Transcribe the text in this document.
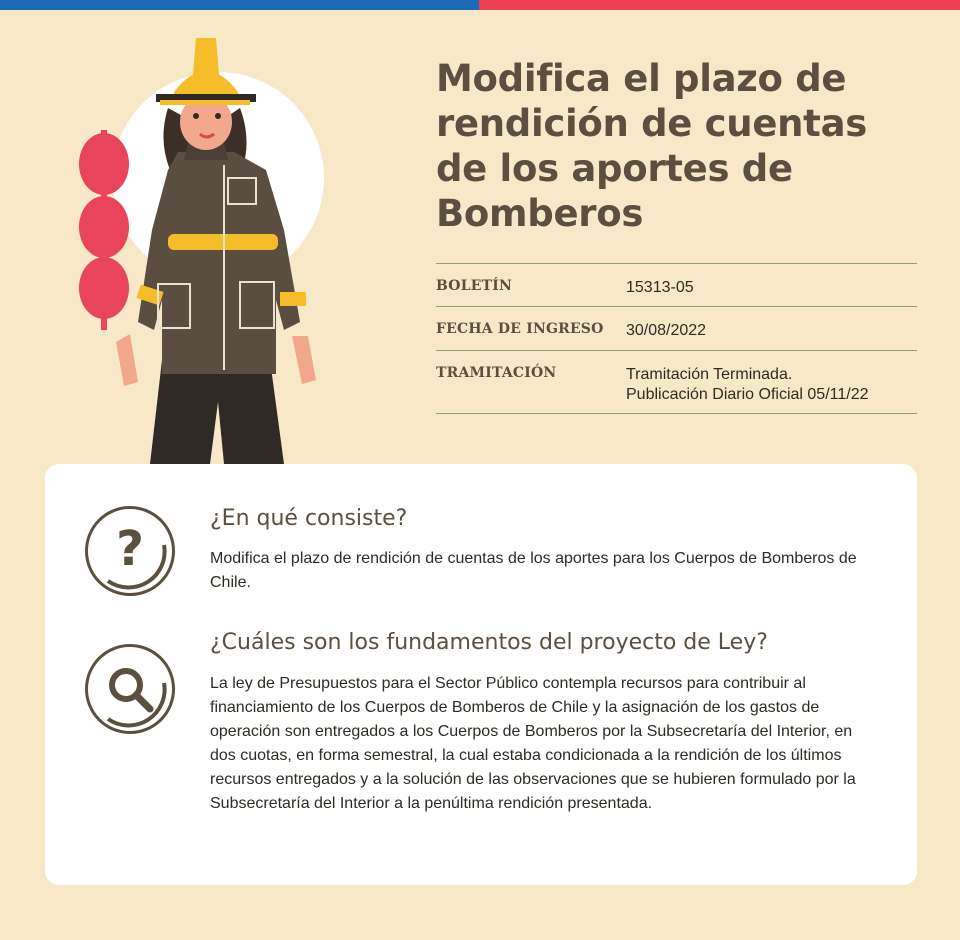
Modifica el plazo de rendición de cuentas de los aportes de Bomberos
BOLETÍN	15313-05
FECHA DE INGRESO	30/08/2022
TRAMITACIÓN	Tramitación Terminada.
Publicación Diario Oficial 05/11/22
?
¿En qué consiste?
Modifica el plazo de rendición de cuentas de los aportes para los Cuerpos de Bomberos de Chile.
¿Cuáles son los fundamentos del proyecto de Ley?
La ley de Presupuestos para el Sector Público contempla recursos para contribuir al financiamiento de los Cuerpos de Bomberos de Chile y la asignación de los gastos de operación son entregados a los Cuerpos de Bomberos por la Subsecretaría del Interior, en dos cuotas, en forma semestral, la cual estaba condicionada a la rendición de los últimos recursos entregados y a la solución de las observaciones que se hubieren formulado por la Subsecretaría del Interior a la penúltima rendición presentada.
